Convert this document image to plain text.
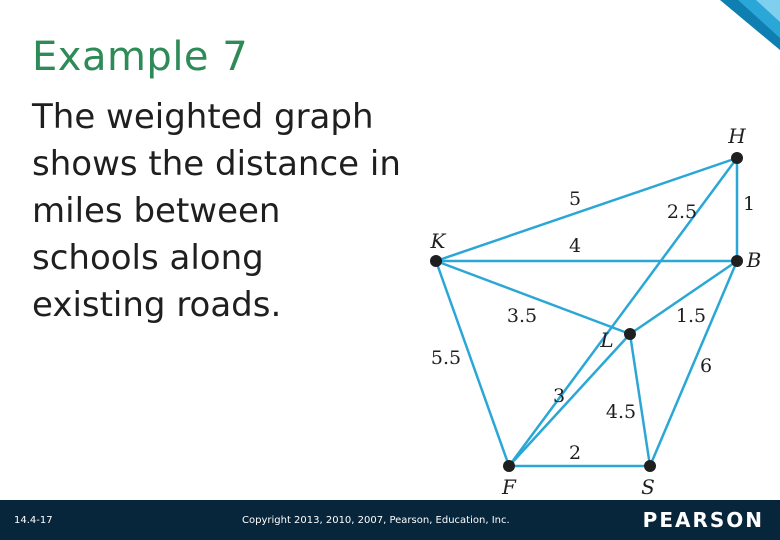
Example 7
The weighted graph
shows the distance in
miles between
schools along
existing roads.
5	1
2.5
4
3.5	1.5
5.5	6
4.5
2
3
H
K
B
L
F	S
14.4-17	Copyright 2013, 2010, 2007, Pearson, Education, Inc.	PEARSON
